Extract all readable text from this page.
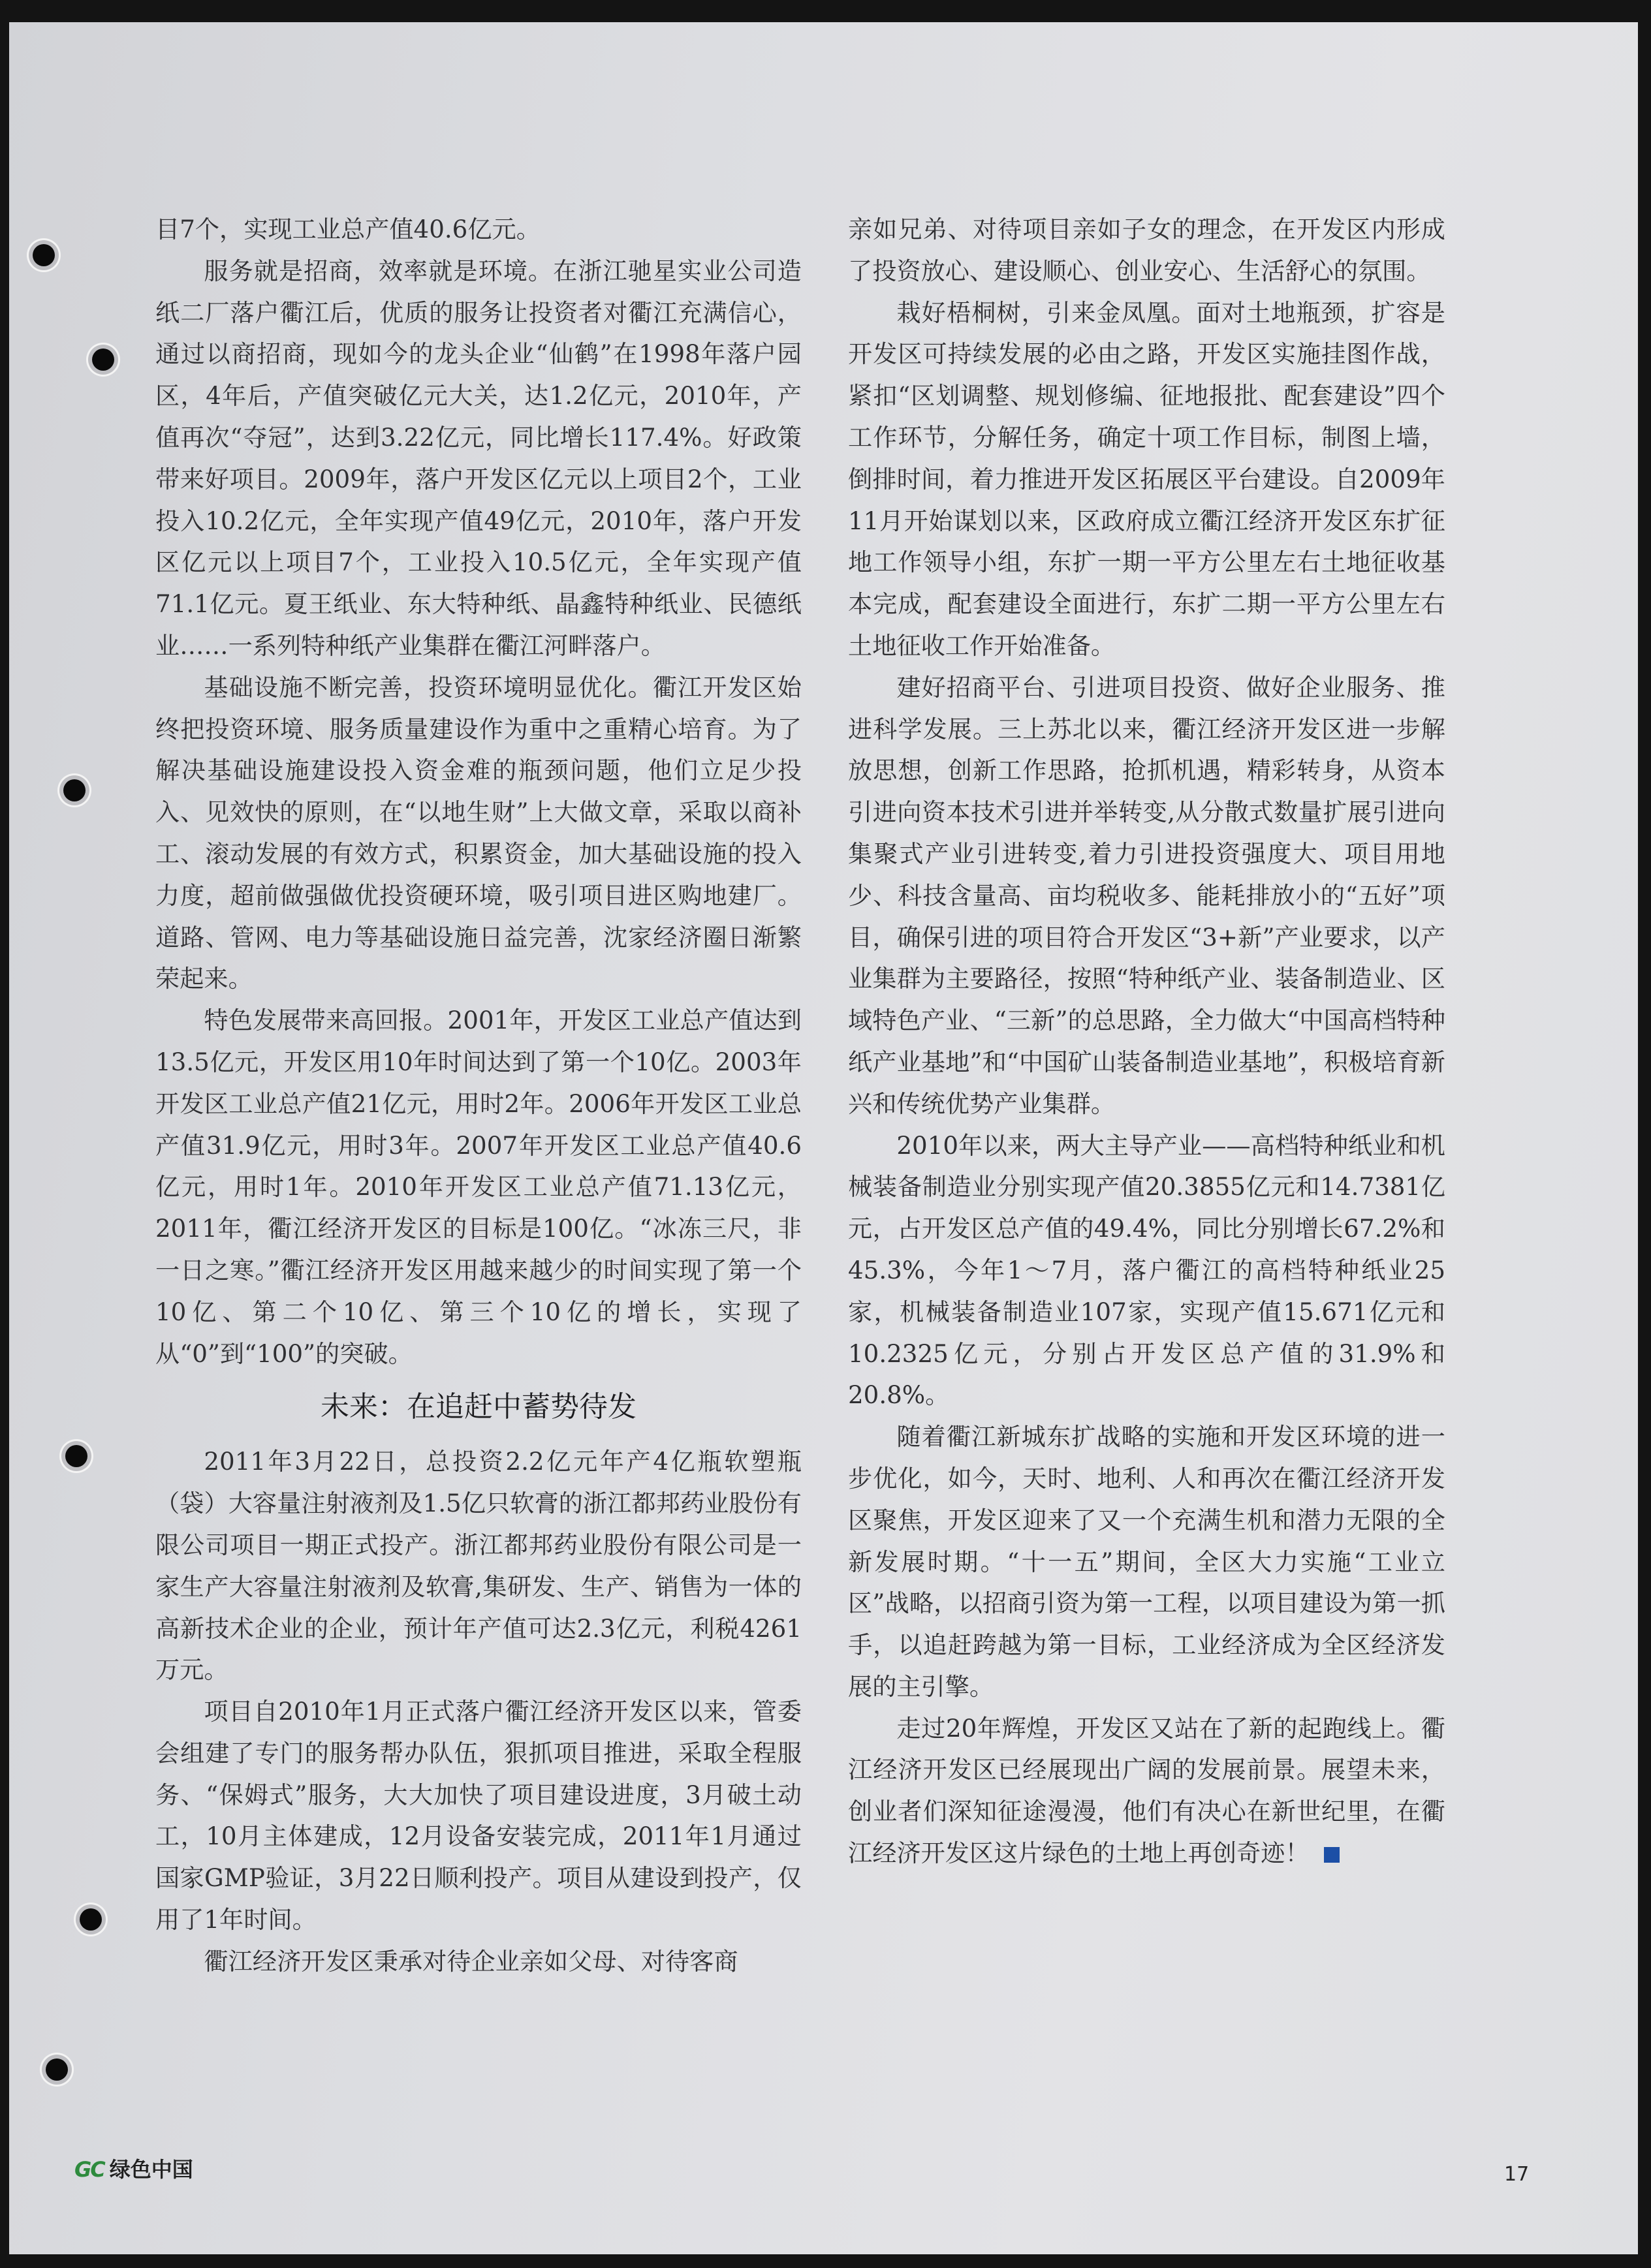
目7个，实现工业总产值40.6亿元。

服务就是招商，效率就是环境。在浙江驰星实业公司造纸二厂落户衢江后，优质的服务让投资者对衢江充满信心，通过以商招商，现如今的龙头企业“仙鹤”在1998年落户园区，4年后，产值突破亿元大关，达1.2亿元，2010年，产值再次“夺冠”，达到3.22亿元，同比增长117.4%。好政策带来好项目。2009年，落户开发区亿元以上项目2个，工业投入10.2亿元，全年实现产值49亿元，2010年，落户开发区亿元以上项目7个，工业投入10.5亿元，全年实现产值71.1亿元。夏王纸业、东大特种纸、晶鑫特种纸业、民德纸业……一系列特种纸产业集群在衢江河畔落户。

基础设施不断完善，投资环境明显优化。衢江开发区始终把投资环境、服务质量建设作为重中之重精心培育。为了解决基础设施建设投入资金难的瓶颈问题，他们立足少投入、见效快的原则，在“以地生财”上大做文章，采取以商补工、滚动发展的有效方式，积累资金，加大基础设施的投入力度，超前做强做优投资硬环境，吸引项目进区购地建厂。道路、管网、电力等基础设施日益完善，沈家经济圈日渐繁荣起来。

特色发展带来高回报。2001年，开发区工业总产值达到13.5亿元，开发区用10年时间达到了第一个10亿。2003年开发区工业总产值21亿元，用时2年。2006年开发区工业总产值31.9亿元，用时3年。2007年开发区工业总产值40.6亿元，用时1年。2010年开发区工业总产值71.13亿元，2011年，衢江经济开发区的目标是100亿。“冰冻三尺，非一日之寒。”衢江经济开发区用越来越少的时间实现了第一个10亿、第二个10亿、第三个10亿的增长，实现了从“0”到“100”的突破。

未来：在追赶中蓄势待发

2011年3月22日，总投资2.2亿元年产4亿瓶软塑瓶（袋）大容量注射液剂及1.5亿只软膏的浙江都邦药业股份有限公司项目一期正式投产。浙江都邦药业股份有限公司是一家生产大容量注射液剂及软膏,集研发、生产、销售为一体的高新技术企业的企业，预计年产值可达2.3亿元，利税4261万元。

项目自2010年1月正式落户衢江经济开发区以来，管委会组建了专门的服务帮办队伍，狠抓项目推进，采取全程服务、“保姆式”服务，大大加快了项目建设进度，3月破土动工，10月主体建成，12月设备安装完成，2011年1月通过国家GMP验证，3月22日顺利投产。项目从建设到投产，仅用了1年时间。

衢江经济开发区秉承对待企业亲如父母、对待客商

亲如兄弟、对待项目亲如子女的理念，在开发区内形成了投资放心、建设顺心、创业安心、生活舒心的氛围。

栽好梧桐树，引来金凤凰。面对土地瓶颈，扩容是开发区可持续发展的必由之路，开发区实施挂图作战，紧扣“区划调整、规划修编、征地报批、配套建设”四个工作环节，分解任务，确定十项工作目标，制图上墙，倒排时间，着力推进开发区拓展区平台建设。自2009年11月开始谋划以来，区政府成立衢江经济开发区东扩征地工作领导小组，东扩一期一平方公里左右土地征收基本完成，配套建设全面进行，东扩二期一平方公里左右土地征收工作开始准备。

建好招商平台、引进项目投资、做好企业服务、推进科学发展。三上苏北以来，衢江经济开发区进一步解放思想，创新工作思路，抢抓机遇，精彩转身，从资本引进向资本技术引进并举转变,从分散式数量扩展引进向集聚式产业引进转变,着力引进投资强度大、项目用地少、科技含量高、亩均税收多、能耗排放小的“五好”项目，确保引进的项目符合开发区“3+新”产业要求，以产业集群为主要路径，按照“特种纸产业、装备制造业、区域特色产业、“三新”的总思路，全力做大“中国高档特种纸产业基地”和“中国矿山装备制造业基地”，积极培育新兴和传统优势产业集群。

2010年以来，两大主导产业——高档特种纸业和机械装备制造业分别实现产值20.3855亿元和14.7381亿元，占开发区总产值的49.4%，同比分别增长67.2%和45.3%，今年1～7月，落户衢江的高档特种纸业25家，机械装备制造业107家，实现产值15.671亿元和10.2325亿元，分别占开发区总产值的31.9%和20.8%。

随着衢江新城东扩战略的实施和开发区环境的进一步优化，如今，天时、地利、人和再次在衢江经济开发区聚焦，开发区迎来了又一个充满生机和潜力无限的全新发展时期。“十一五”期间，全区大力实施“工业立区”战略，以招商引资为第一工程，以项目建设为第一抓手，以追赶跨越为第一目标，工业经济成为全区经济发展的主引擎。

走过20年辉煌，开发区又站在了新的起跑线上。衢江经济开发区已经展现出广阔的发展前景。展望未来，创业者们深知征途漫漫，他们有决心在新世纪里，在衢江经济开发区这片绿色的土地上再创奇迹！

GC 绿色中国	17
